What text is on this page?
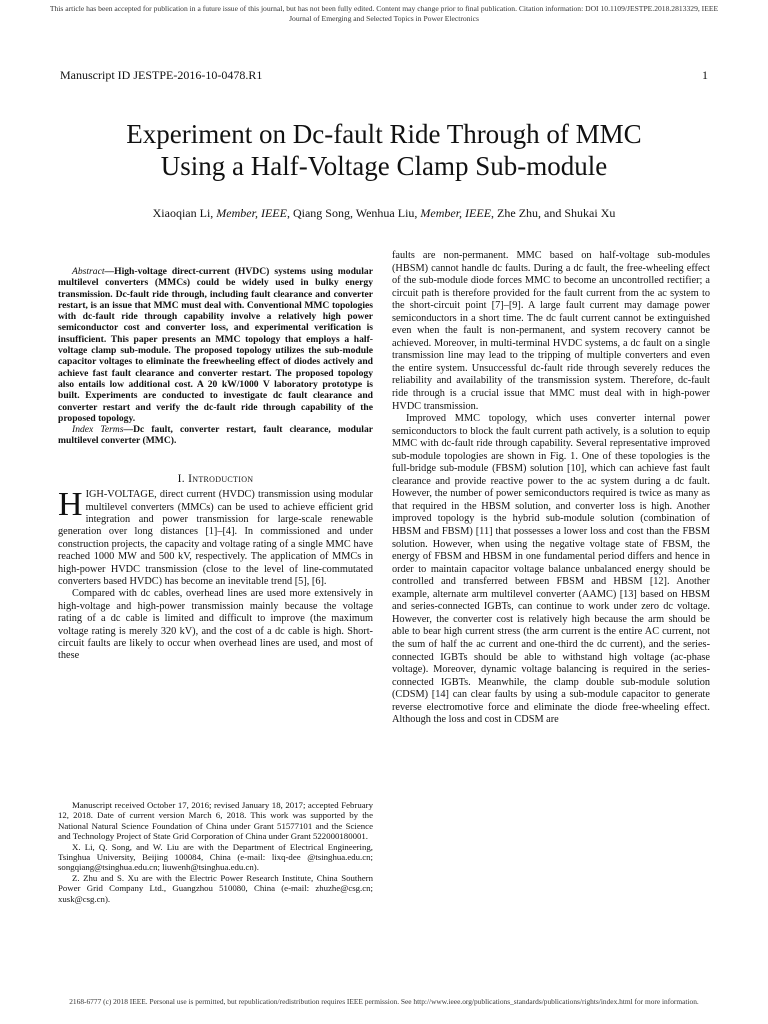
This article has been accepted for publication in a future issue of this journal, but has not been fully edited. Content may change prior to final publication. Citation information: DOI 10.1109/JESTPE.2018.2813329, IEEE
Journal of Emerging and Selected Topics in Power Electronics
Manuscript ID JESTPE-2016-10-0478.R1	1
Experiment on Dc-fault Ride Through of MMC
Using a Half-Voltage Clamp Sub-module
Xiaoqian Li, Member, IEEE, Qiang Song, Wenhua Liu, Member, IEEE, Zhe Zhu, and Shukai Xu

Abstract—High-voltage direct-current (HVDC) systems using modular multilevel converters (MMCs) could be widely used in bulky energy transmission. Dc-fault ride through, including fault clearance and converter restart, is an issue that MMC must deal with. Conventional MMC topologies with dc-fault ride through capability involve a relatively high power semiconductor cost and converter loss, and experimental verification is insufficient. This paper presents an MMC topology that employs a half-voltage clamp sub-module. The proposed topology utilizes the sub-module capacitor voltages to eliminate the freewheeling effect of diodes actively and achieve fast fault clearance and converter restart. The proposed topology also entails low additional cost. A 20 kW/1000 V laboratory prototype is built. Experiments are conducted to investigate dc fault clearance and converter restart and verify the dc-fault ride through capability of the proposed topology.

Index Terms—Dc fault, converter restart, fault clearance, modular multilevel converter (MMC).

I. Introduction

HIGH-VOLTAGE, direct current (HVDC) transmission using modular multilevel converters (MMCs) can be used to achieve efficient grid integration and power transmission for large-scale renewable generation over long distances [1]–[4]. In commissioned and under construction projects, the capacity and voltage rating of a single MMC have reached 1000 MW and 500 kV, respectively. The application of MMCs in high-power HVDC transmission (close to the level of line-commutated converters based HVDC) has become an inevitable trend [5], [6].

Compared with dc cables, overhead lines are used more extensively in high-voltage and high-power transmission mainly because the voltage rating of a dc cable is limited and difficult to improve (the maximum voltage rating is merely 320 kV), and the cost of a dc cable is high. Short-circuit faults are likely to occur when overhead lines are used, and most of these

Manuscript received October 17, 2016; revised January 18, 2017; accepted February 12, 2018. Date of current version March 6, 2018. This work was supported by the National Natural Science Foundation of China under Grant 51577101 and the Science and Technology Project of State Grid Corporation of China under Grant 522000180001.

X. Li, Q. Song, and W. Liu are with the Department of Electrical Engineering, Tsinghua University, Beijing 100084, China (e-mail: lixq-dee @tsinghua.edu.cn; songqiang@tsinghua.edu.cn; liuwenh@tsinghua.edu.cn).

Z. Zhu and S. Xu are with the Electric Power Research Institute, China Southern Power Grid Company Ltd., Guangzhou 510080, China (e-mail: zhuzhe@csg.cn; xusk@csg.cn).

faults are non-permanent. MMC based on half-voltage sub-modules (HBSM) cannot handle dc faults. During a dc fault, the free-wheeling effect of the sub-module diode forces MMC to become an uncontrolled rectifier; a circuit path is therefore provided for the fault current from the ac system to the short-circuit point [7]–[9]. A large fault current may damage power semiconductors in a short time. The dc fault current cannot be extinguished even when the fault is non-permanent, and system recovery cannot be achieved. Moreover, in multi-terminal HVDC systems, a dc fault on a single transmission line may lead to the tripping of multiple converters and even the entire system. Unsuccessful dc-fault ride through severely reduces the reliability and availability of the transmission system. Therefore, dc-fault ride through is a crucial issue that MMC must deal with in high-power HVDC transmission.

Improved MMC topology, which uses converter internal power semiconductors to block the fault current path actively, is a solution to equip MMC with dc-fault ride through capability. Several representative improved sub-module topologies are shown in Fig. 1. One of these topologies is the full-bridge sub-module (FBSM) solution [10], which can achieve fast fault clearance and provide reactive power to the ac system during a dc fault. However, the number of power semiconductors required is twice as many as that required in the HBSM solution, and converter loss is high. Another improved topology is the hybrid sub-module solution (combination of HBSM and FBSM) [11] that possesses a lower loss and cost than the FBSM solution. However, when using the negative voltage state of FBSM, the energy of FBSM and HBSM in one fundamental period differs and hence in order to maintain capacitor voltage balance unbalanced energy should be controlled and transferred between FBSM and HBSM [12]. Another example, alternate arm multilevel converter (AAMC) [13] based on HBSM and series-connected IGBTs, can continue to work under zero dc voltage. However, the converter cost is relatively high because the arm should be able to bear high current stress (the arm current is the entire AC current, not the sum of half the ac current and one-third the dc current), and the series-connected IGBTs should be able to withstand high voltage (ac-phase voltage). Moreover, dynamic voltage balancing is required in the series-connected IGBTs. Meanwhile, the clamp double sub-module solution (CDSM) [14] can clear faults by using a sub-module capacitor to generate reverse electromotive force and eliminate the diode free-wheeling effect. Although the loss and cost in CDSM are

2168-6777 (c) 2018 IEEE. Personal use is permitted, but republication/redistribution requires IEEE permission. See http://www.ieee.org/publications_standards/publications/rights/index.html for more information.
